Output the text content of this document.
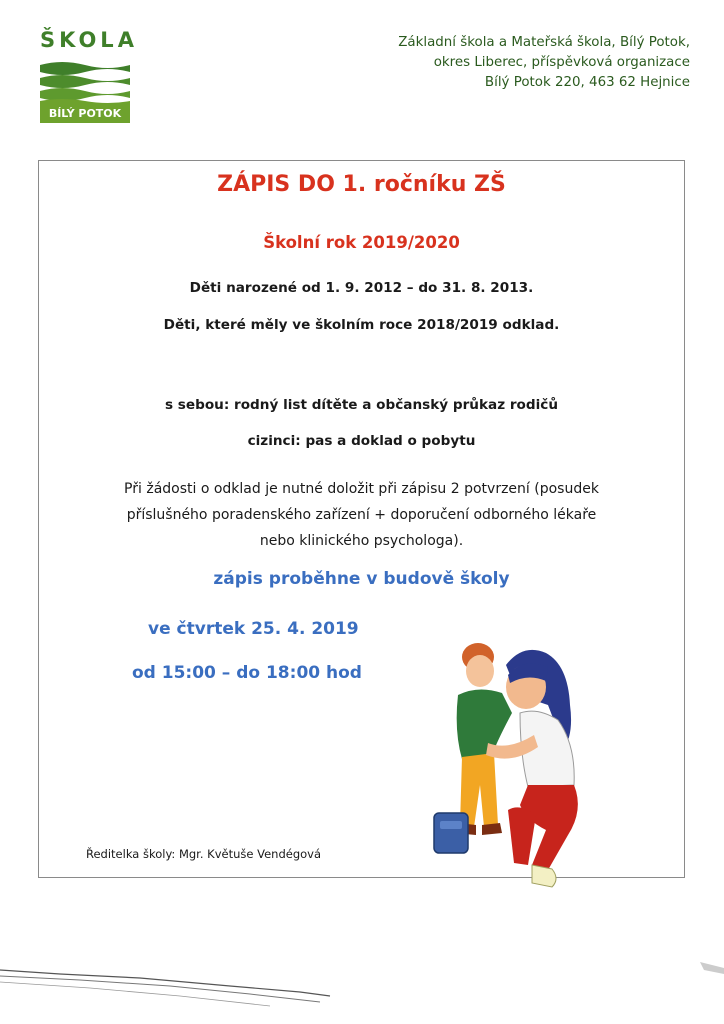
ŠKOLA
BÍLÝ POTOK
Základní škola a Mateřská škola, Bílý Potok,
okres Liberec, příspěvková organizace
Bílý Potok 220, 463 62 Hejnice
ZÁPIS DO 1. ročníku ZŠ
Školní rok 2019/2020
Děti narozené od 1. 9. 2012 – do 31. 8. 2013.
Děti, které měly ve školním roce 2018/2019 odklad.
s sebou: rodný list dítěte a občanský průkaz rodičů
cizinci: pas a doklad o pobytu
Při žádosti o odklad je nutné doložit při zápisu 2 potvrzení (posudek
příslušného poradenského zařízení + doporučení odborného lékaře
nebo klinického psychologa).
zápis proběhne v budově školy
ve čtvrtek 25. 4. 2019
od 15:00 – do 18:00 hod
Ředitelka školy: Mgr. Květuše Vendégová
